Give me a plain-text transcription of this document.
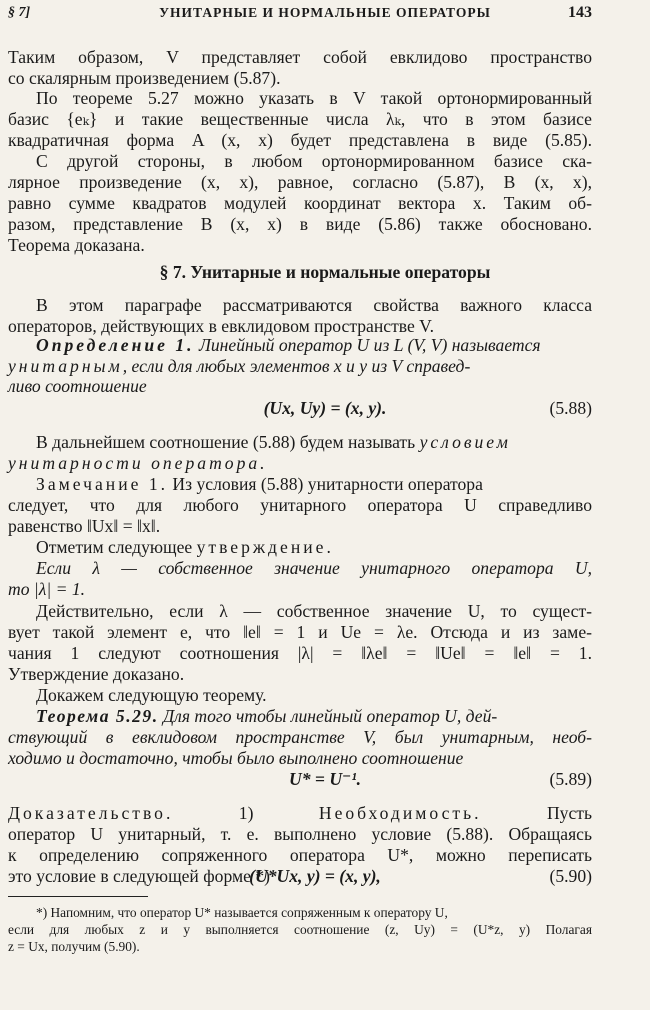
§ 7]	УНИТАРНЫЕ И НОРМАЛЬНЫЕ ОПЕРАТОРЫ	143
Таким образом, V представляет собой евклидово пространство
со скалярным произведением (5.87).
По теореме 5.27 можно указать в V такой ортонормированный
базис {eₖ} и такие вещественные числа λₖ, что в этом базисе
квадратичная форма A (x, x) будет представлена в виде (5.85).
С другой стороны, в любом ортонормированном базисе ска-
лярное произведение (x, x), равное, согласно (5.87), B (x, x),
равно сумме квадратов модулей координат вектора x. Таким об-
разом, представление B (x, x) в виде (5.86) также обосновано.
Теорема доказана.
§ 7. Унитарные и нормальные операторы
В этом параграфе рассматриваются свойства важного класса
операторов, действующих в евклидовом пространстве V.
Определение 1. Линейный оператор U из L (V, V) называется
унитарным, если для любых элементов x и y из V справед-
ливо соотношение
(Ux, Uy) = (x, y).	(5.88)
В дальнейшем соотношение (5.88) будем называть условием
унитарности оператора.
Замечание 1. Из условия (5.88) унитарности оператора
следует, что для любого унитарного оператора U справедливо
равенство ‖Ux‖ = ‖x‖.
Отметим следующее утверждение.
Если λ — собственное значение унитарного оператора U,
то |λ| = 1.
Действительно, если λ — собственное значение U, то сущест-
вует такой элемент e, что ‖e‖ = 1 и Ue = λe. Отсюда и из заме-
чания 1 следуют соотношения |λ| = ‖λe‖ = ‖Ue‖ = ‖e‖ = 1.
Утверждение доказано.
Докажем следующую теорему.
Теорема 5.29. Для того чтобы линейный оператор U, дей-
ствующий в евклидовом пространстве V, был унитарным, необ-
ходимо и достаточно, чтобы было выполнено соотношение
U* = U⁻¹.	(5.89)
Доказательство.	1)	Необходимость.	Пусть
оператор U унитарный, т. е. выполнено условие (5.88). Обращаясь
к определению сопряженного оператора U*, можно переписать
это условие в следующей форме *)
(U*Ux, y) = (x, y),	(5.90)
*) Напомним, что оператор U* называется сопряженным к оператору U,
если для любых z и y выполняется соотношение (z, Uy) = (U*z, y) Полагая
z = Ux, получим (5.90).
